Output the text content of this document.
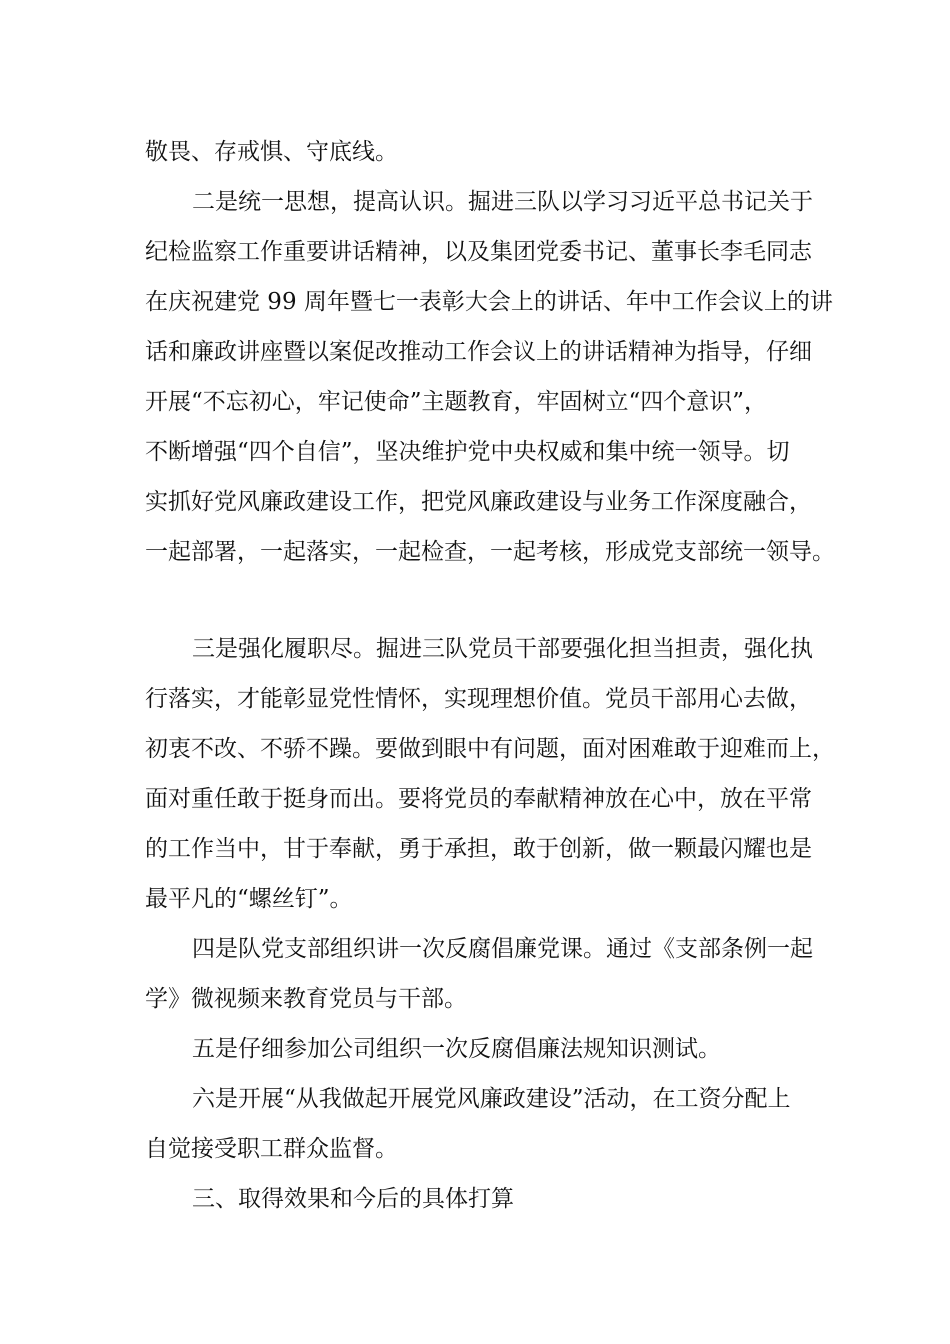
敬畏、存戒惧、守底线。
二是统一思想，提高认识。掘进三队以学习习近平总书记关于
纪检监察工作重要讲话精神，以及集团党委书记、董事长李毛同志
在庆祝建党 99 周年暨七一表彰大会上的讲话、年中工作会议上的讲
话和廉政讲座暨以案促改推动工作会议上的讲话精神为指导，仔细
开展“不忘初心，牢记使命”主题教育，牢固树立“四个意识”，
不断增强“四个自信”，坚决维护党中央权威和集中统一领导。切
实抓好党风廉政建设工作，把党风廉政建设与业务工作深度融合，
一起部署，一起落实，一起检查，一起考核，形成党支部统一领导。
三是强化履职尽。掘进三队党员干部要强化担当担责，强化执
行落实，才能彰显党性情怀，实现理想价值。党员干部用心去做，
初衷不改、不骄不躁。要做到眼中有问题，面对困难敢于迎难而上，
面对重任敢于挺身而出。要将党员的奉献精神放在心中，放在平常
的工作当中，甘于奉献，勇于承担，敢于创新，做一颗最闪耀也是
最平凡的“螺丝钉”。
四是队党支部组织讲一次反腐倡廉党课。通过《支部条例一起
学》微视频来教育党员与干部。
五是仔细参加公司组织一次反腐倡廉法规知识测试。
六是开展“从我做起开展党风廉政建设”活动，在工资分配上
自觉接受职工群众监督。
三、取得效果和今后的具体打算
